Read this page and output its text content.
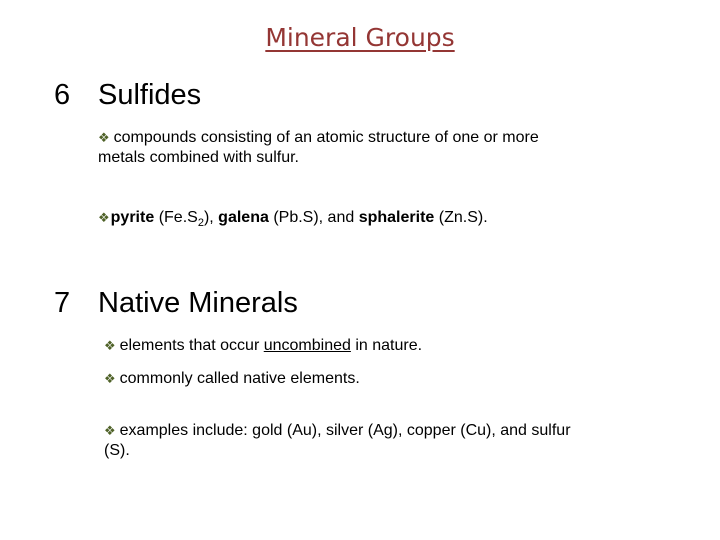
Mineral Groups
6 Sulfides
❖ compounds consisting of an atomic structure of one or more metals combined with sulfur.
❖pyrite $(Fe.S_2)$, galena (Pb.S), and sphalerite (Zn.S).
7 Native Minerals
❖ elements that occur uncombined in nature.
❖ commonly called native elements.
❖ examples include: gold (Au), silver (Ag), copper (Cu), and sulfur (S).
